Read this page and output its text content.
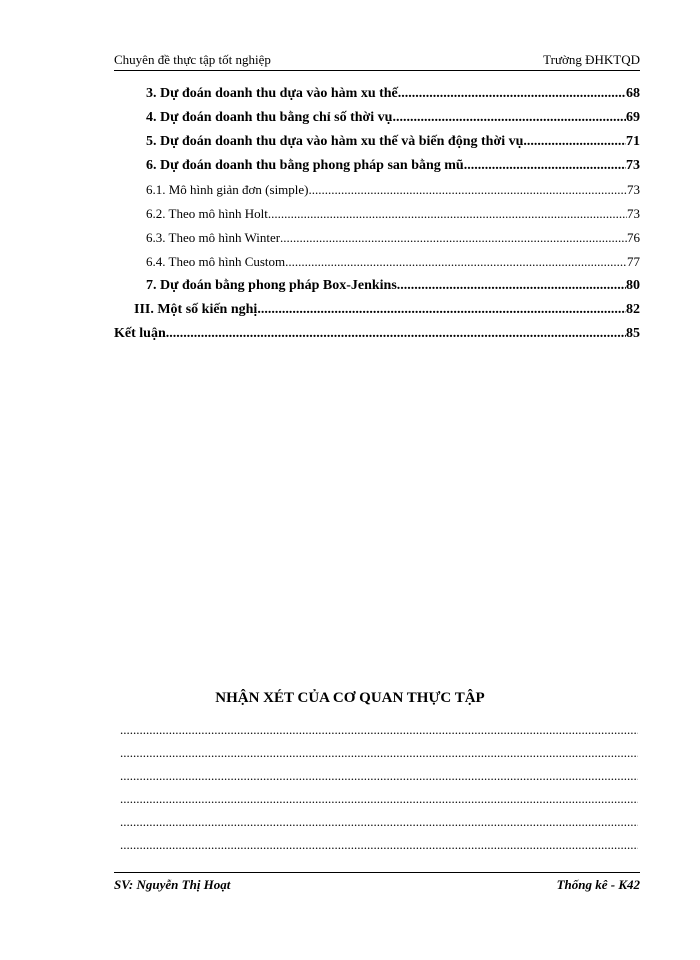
Chuyên đề thực tập tốt nghiệp	Trường ĐHKTQD
3. Dự đoán doanh thu dựa vào hàm xu thế .....	68
4. Dự đoán doanh thu bằng chỉ số thời vụ .....	69
5. Dự đoán doanh thu dựa vào hàm xu thế và biến động thời vụ .....	71
6. Dự đoán doanh thu bằng phong pháp san bằng mũ .....	73
6.1. Mô hình giản đơn (simple) .....	73
6.2. Theo mô hình Holt .....	73
6.3. Theo mô hình Winter .....	76
6.4. Theo mô hình Custom .....	77
7. Dự đoán bằng phong pháp Box-Jenkins .....	80
III. Một số kiến nghị .....	82
Kết luận .....	85
NHẬN XÉT CỦA CƠ QUAN THỰC TẬP
.....
.....
.....
.....
.....
.....
SV: Nguyễn Thị Hoạt	Thống kê - K42
